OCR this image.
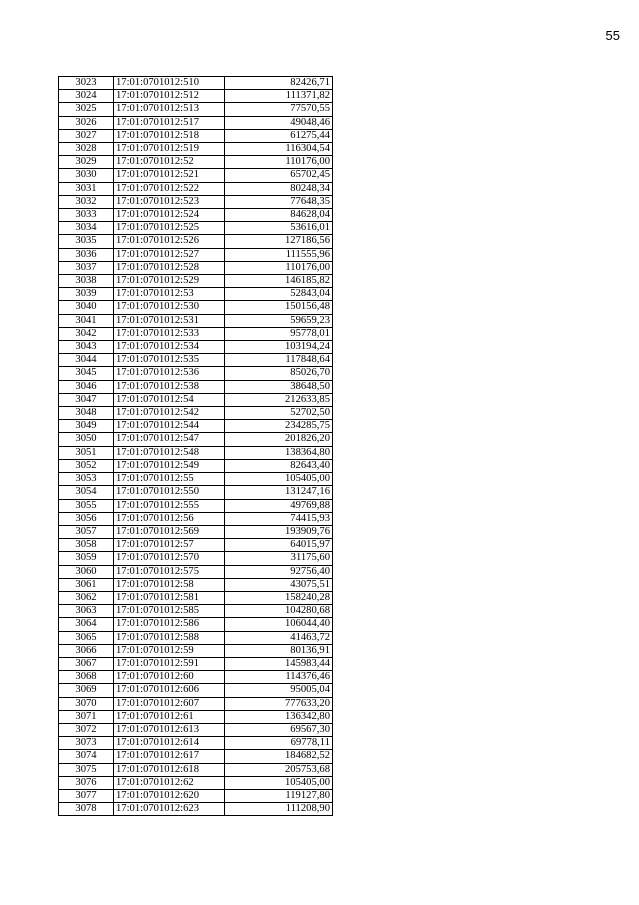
55
3023	17:01:0701012:510	82426,71
3024	17:01:0701012:512	111371,82
3025	17:01:0701012:513	77570,55
3026	17:01:0701012:517	49048,46
3027	17:01:0701012:518	61275,44
3028	17:01:0701012:519	116304,54
3029	17:01:0701012:52	110176,00
3030	17:01:0701012:521	65702,45
3031	17:01:0701012:522	80248,34
3032	17:01:0701012:523	77648,35
3033	17:01:0701012:524	84628,04
3034	17:01:0701012:525	53616,01
3035	17:01:0701012:526	127186,56
3036	17:01:0701012:527	111555,96
3037	17:01:0701012:528	110176,00
3038	17:01:0701012:529	146185,82
3039	17:01:0701012:53	52843,04
3040	17:01:0701012:530	150156,48
3041	17:01:0701012:531	59659,23
3042	17:01:0701012:533	95778,01
3043	17:01:0701012:534	103194,24
3044	17:01:0701012:535	117848,64
3045	17:01:0701012:536	85026,70
3046	17:01:0701012:538	38648,50
3047	17:01:0701012:54	212633,85
3048	17:01:0701012:542	52702,50
3049	17:01:0701012:544	234285,75
3050	17:01:0701012:547	201826,20
3051	17:01:0701012:548	138364,80
3052	17:01:0701012:549	82643,40
3053	17:01:0701012:55	105405,00
3054	17:01:0701012:550	131247,16
3055	17:01:0701012:555	49769,88
3056	17:01:0701012:56	74415,93
3057	17:01:0701012:569	193909,76
3058	17:01:0701012:57	64015,97
3059	17:01:0701012:570	31175,60
3060	17:01:0701012:575	92756,40
3061	17:01:0701012:58	43075,51
3062	17:01:0701012:581	158240,28
3063	17:01:0701012:585	104280,68
3064	17:01:0701012:586	106044,40
3065	17:01:0701012:588	41463,72
3066	17:01:0701012:59	80136,91
3067	17:01:0701012:591	145983,44
3068	17:01:0701012:60	114376,46
3069	17:01:0701012:606	95005,04
3070	17:01:0701012:607	777633,20
3071	17:01:0701012:61	136342,80
3072	17:01:0701012:613	69567,30
3073	17:01:0701012:614	69778,11
3074	17:01:0701012:617	184682,52
3075	17:01:0701012:618	205753,68
3076	17:01:0701012:62	105405,00
3077	17:01:0701012:620	119127,80
3078	17:01:0701012:623	111208,90
